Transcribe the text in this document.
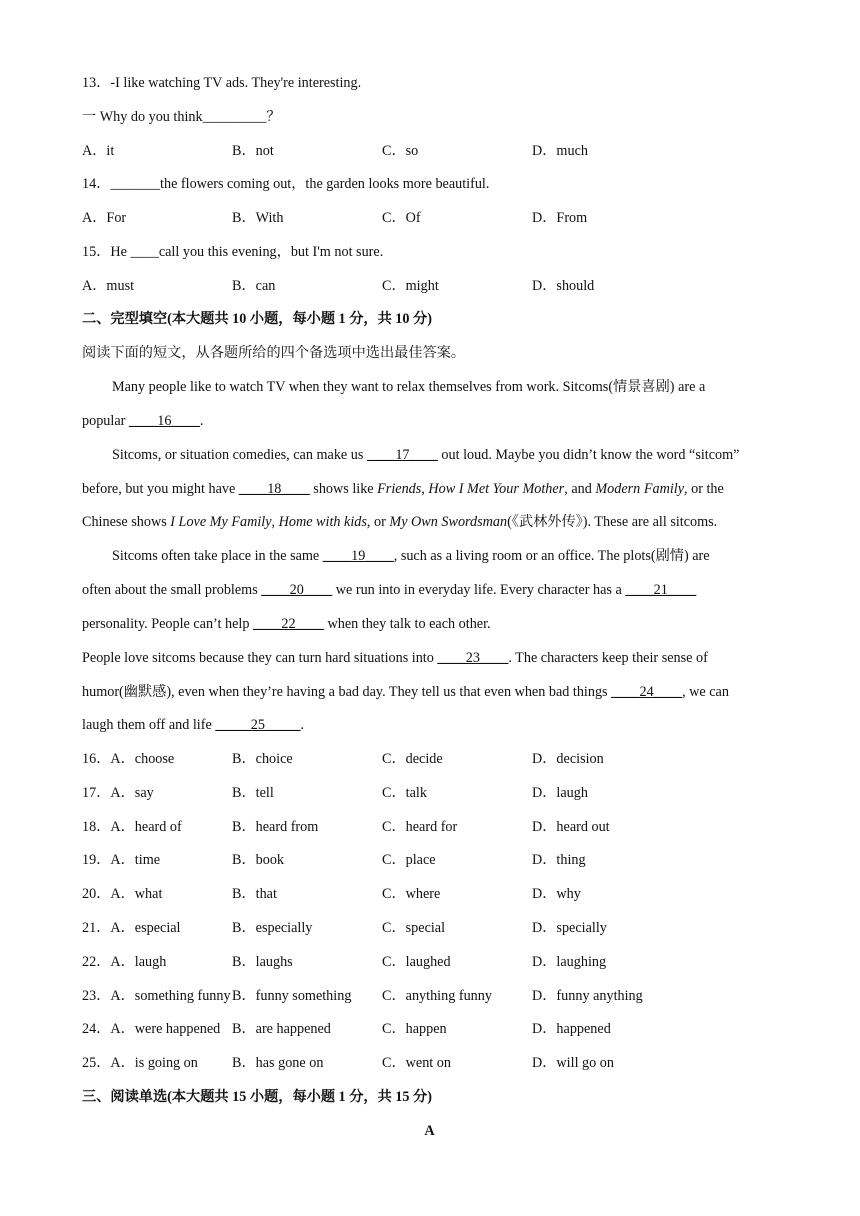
13．-I like watching TV ads. They're interesting.
一 Why do you think_________？
A．it	B．not	C．so	D．much
14．_______the flowers coming out，the garden looks more beautiful.
A．For	B．With	C．Of	D．From
15．He ____call you this evening，but I'm not sure.
A．must	B．can	C．might	D．should
二、完型填空(本大题共 10 小题，每小题 1 分，共 10 分)
阅读下面的短文，从各题所给的四个备选项中选出最佳答案。
Many people like to watch TV when they want to relax themselves from work. Sitcoms(情景喜剧) are a
popular ____16____.
Sitcoms, or situation comedies, can make us ____17____ out loud. Maybe you didn’t know the word “sitcom”
before, but you might have ____18____ shows like Friends, How I Met Your Mother, and Modern Family, or the
Chinese shows I Love My Family, Home with kids, or My Own Swordsman(《武林外传》). These are all sitcoms.
Sitcoms often take place in the same ____19____, such as a living room or an office. The plots(剧情) are
often about the small problems ____20____ we run into in everyday life. Every character has a ____21____
personality. People can’t help ____22____ when they talk to each other.
People love sitcoms because they can turn hard situations into ____23____. The characters keep their sense of
humor(幽默感), even when they’re having a bad day. They tell us that even when bad things ____24____, we can
laugh them off and life _____25_____.
16．A．choose	B．choice	C．decide	D．decision
17．A．say	B．tell	C．talk	D．laugh
18．A．heard of	B．heard from	C．heard for	D．heard out
19．A．time	B．book	C．place	D．thing
20．A．what	B．that	C．where	D．why
21．A．especial	B．especially	C．special	D．specially
22．A．laugh	B．laughs	C．laughed	D．laughing
23．A．something funny B．funny something C．anything funny	D．funny anything
24．A．were happened B．are happened	C．happen	D．happened
25．A．is going on B．has gone on	C．went on	D．will go on
三、阅读单选(本大题共 15 小题，每小题 1 分，共 15 分)
A
